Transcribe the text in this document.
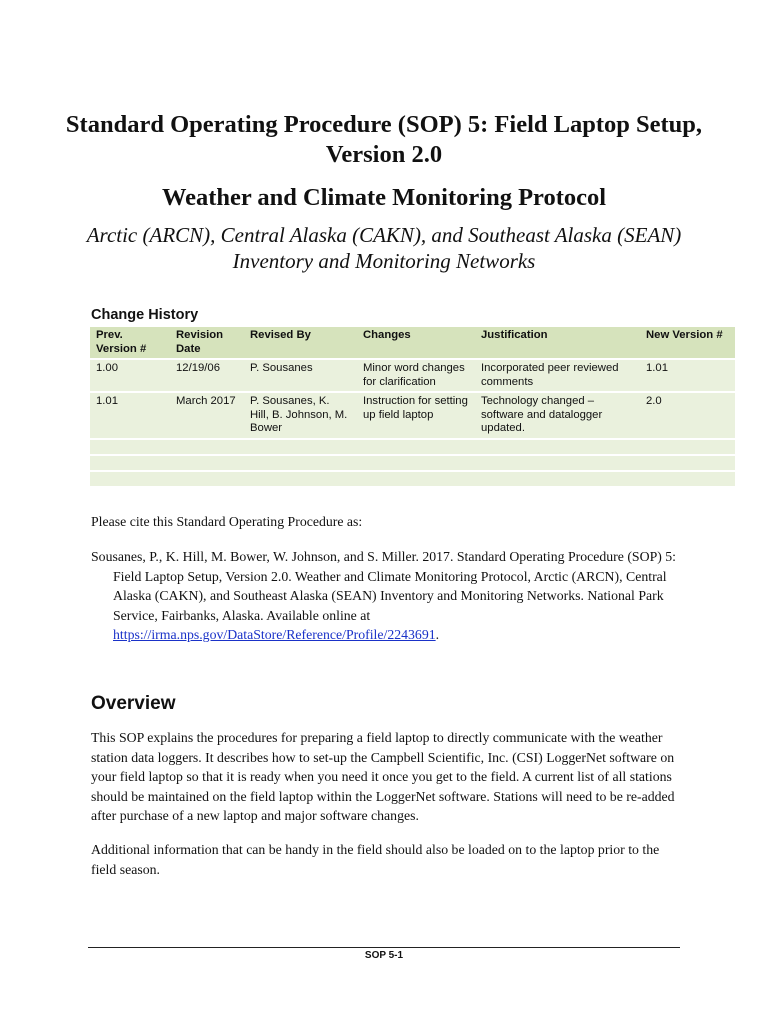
Standard Operating Procedure (SOP) 5: Field Laptop Setup, Version 2.0
Weather and Climate Monitoring Protocol

Arctic (ARCN), Central Alaska (CAKN), and Southeast Alaska (SEAN) Inventory and Monitoring Networks

Change History
Prev. Version #	Revision Date	Revised By	Changes	Justification	New Version #
1.00	12/19/06	P. Sousanes	Minor word changes for clarification	Incorporated peer reviewed comments	1.01
1.01	March 2017	P. Sousanes, K. Hill, B. Johnson, M. Bower	Instruction for setting up field laptop	Technology changed – software and datalogger updated.	2.0

Please cite this Standard Operating Procedure as:

Sousanes, P., K. Hill, M. Bower, W. Johnson, and S. Miller. 2017. Standard Operating Procedure (SOP) 5: Field Laptop Setup, Version 2.0. Weather and Climate Monitoring Protocol, Arctic (ARCN), Central Alaska (CAKN), and Southeast Alaska (SEAN) Inventory and Monitoring Networks. National Park Service, Fairbanks, Alaska. Available online at https://irma.nps.gov/DataStore/Reference/Profile/2243691.

Overview

This SOP explains the procedures for preparing a field laptop to directly communicate with the weather station data loggers. It describes how to set-up the Campbell Scientific, Inc. (CSI) LoggerNet software on your field laptop so that it is ready when you need it once you get to the field. A current list of all stations should be maintained on the field laptop within the LoggerNet software. Stations will need to be re-added after purchase of a new laptop and major software changes.

Additional information that can be handy in the field should also be loaded on to the laptop prior to the field season.

SOP 5-1
